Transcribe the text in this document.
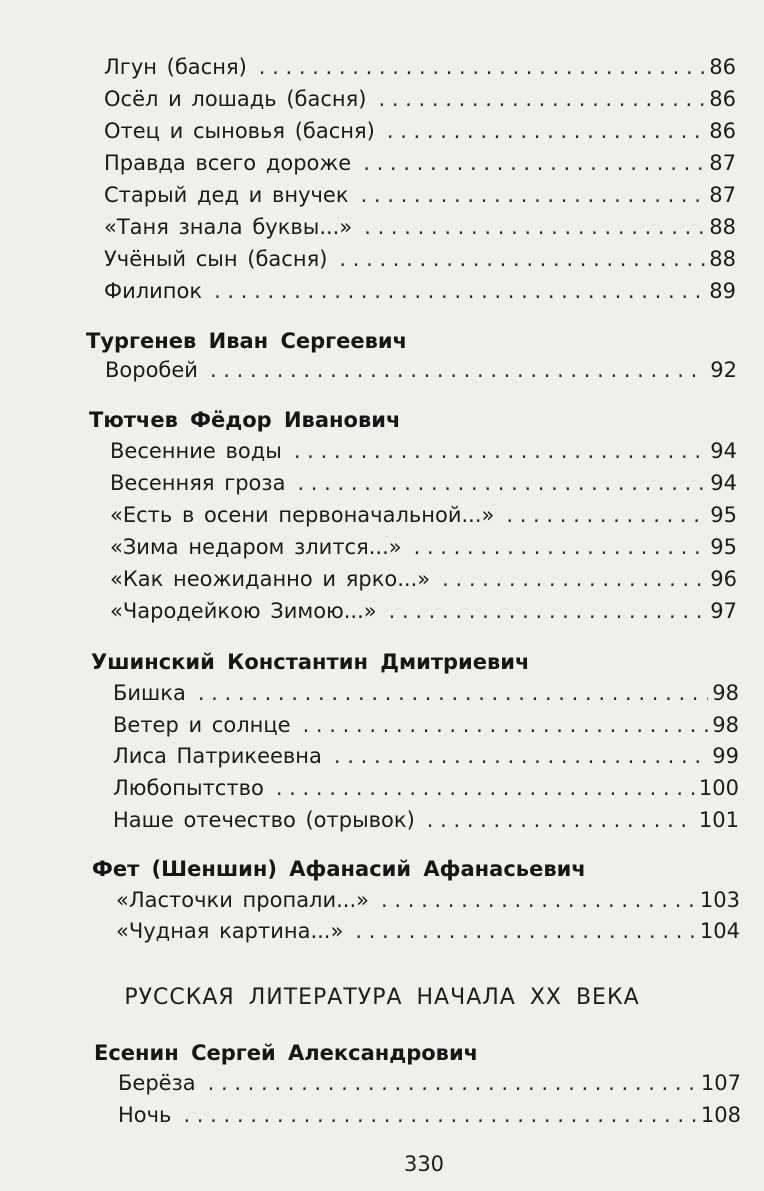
Лгун (басня) . . .	86
Осёл и лошадь (басня) . . .	86
Отец и сыновья (басня) . . .	86
Правда всего дороже . . .	87
Старый дед и внучек . . .	87
«Таня знала буквы...» . . .	88
Учёный сын (басня) . . .	88
Филипок . . .	89
Тургенев Иван Сергеевич
Воробей . . .	92
Тютчев Фёдор Иванович
Весенние воды . . .	94
Весенняя гроза . . .	94
«Есть в осени первоначальной...» . . .	95
«Зима недаром злится...» . . .	95
«Как неожиданно и ярко...» . . .	96
«Чародейкою Зимою...» . . .	97
Ушинский Константин Дмитриевич
Бишка . . .	98
Ветер и солнце . . .	98
Лиса Патрикеевна . . .	99
Любопытство . . .	100
Наше отечество (отрывок) . . .	101
Фет (Шеншин) Афанасий Афанасьевич
«Ласточки пропали...» . . .	103
«Чудная картина...» . . .	104
РУССКАЯ ЛИТЕРАТУРА НАЧАЛА XX ВЕКА
Есенин Сергей Александрович
Берёза . . .	107
Ночь . . .	108
330
